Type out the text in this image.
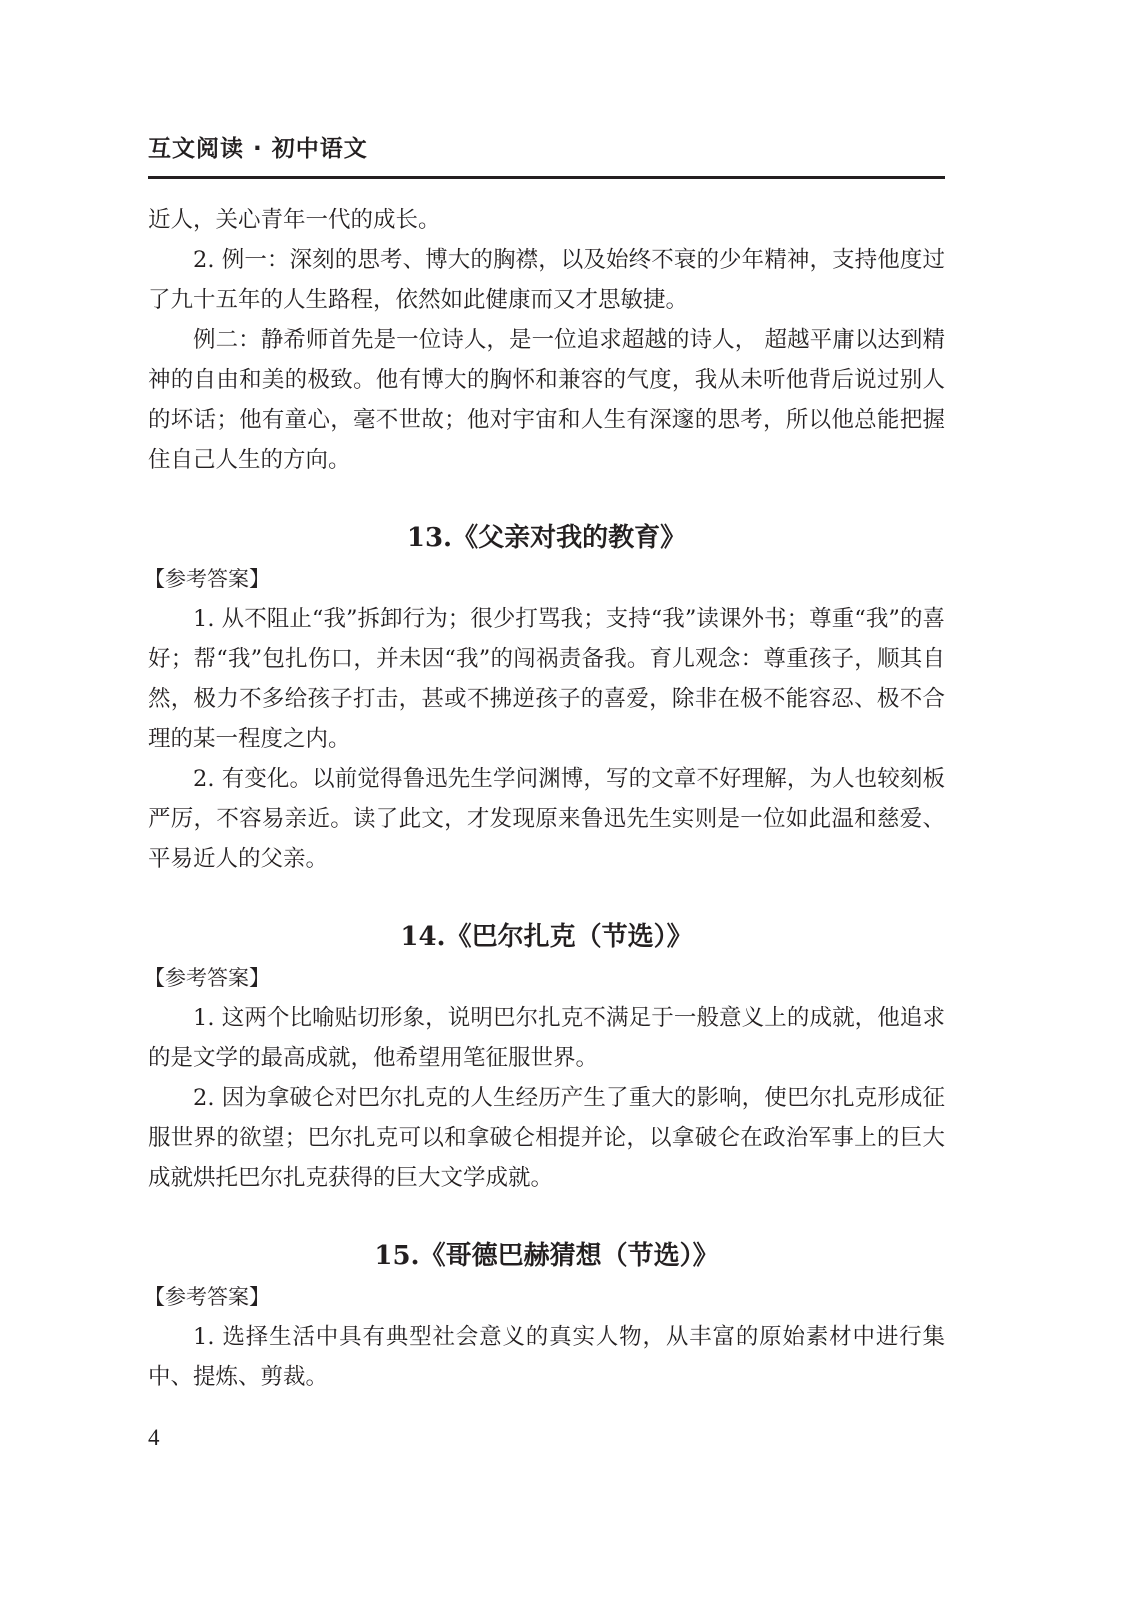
互文阅读 · 初中语文

近人，关心青年一代的成长。

2. 例一：深刻的思考、博大的胸襟，以及始终不衰的少年精神，支持他度过了九十五年的人生路程，依然如此健康而又才思敏捷。

例二：静希师首先是一位诗人，是一位追求超越的诗人， 超越平庸以达到精神的自由和美的极致。他有博大的胸怀和兼容的气度，我从未听他背后说过别人的坏话；他有童心，毫不世故；他对宇宙和人生有深邃的思考，所以他总能把握住自己人生的方向。

13.《父亲对我的教育》
【参考答案】

1. 从不阻止“我”拆卸行为；很少打骂我；支持“我”读课外书；尊重“我”的喜好；帮“我”包扎伤口，并未因“我”的闯祸责备我。育儿观念：尊重孩子，顺其自然，极力不多给孩子打击，甚或不拂逆孩子的喜爱，除非在极不能容忍、极不合理的某一程度之内。

2. 有变化。以前觉得鲁迅先生学问渊博，写的文章不好理解，为人也较刻板严厉，不容易亲近。读了此文，才发现原来鲁迅先生实则是一位如此温和慈爱、平易近人的父亲。

14.《巴尔扎克（节选）》
【参考答案】

1. 这两个比喻贴切形象，说明巴尔扎克不满足于一般意义上的成就，他追求的是文学的最高成就，他希望用笔征服世界。

2. 因为拿破仑对巴尔扎克的人生经历产生了重大的影响，使巴尔扎克形成征服世界的欲望；巴尔扎克可以和拿破仑相提并论，以拿破仑在政治军事上的巨大成就烘托巴尔扎克获得的巨大文学成就。

15.《哥德巴赫猜想（节选）》
【参考答案】

1. 选择生活中具有典型社会意义的真实人物，从丰富的原始素材中进行集中、提炼、剪裁。

4
